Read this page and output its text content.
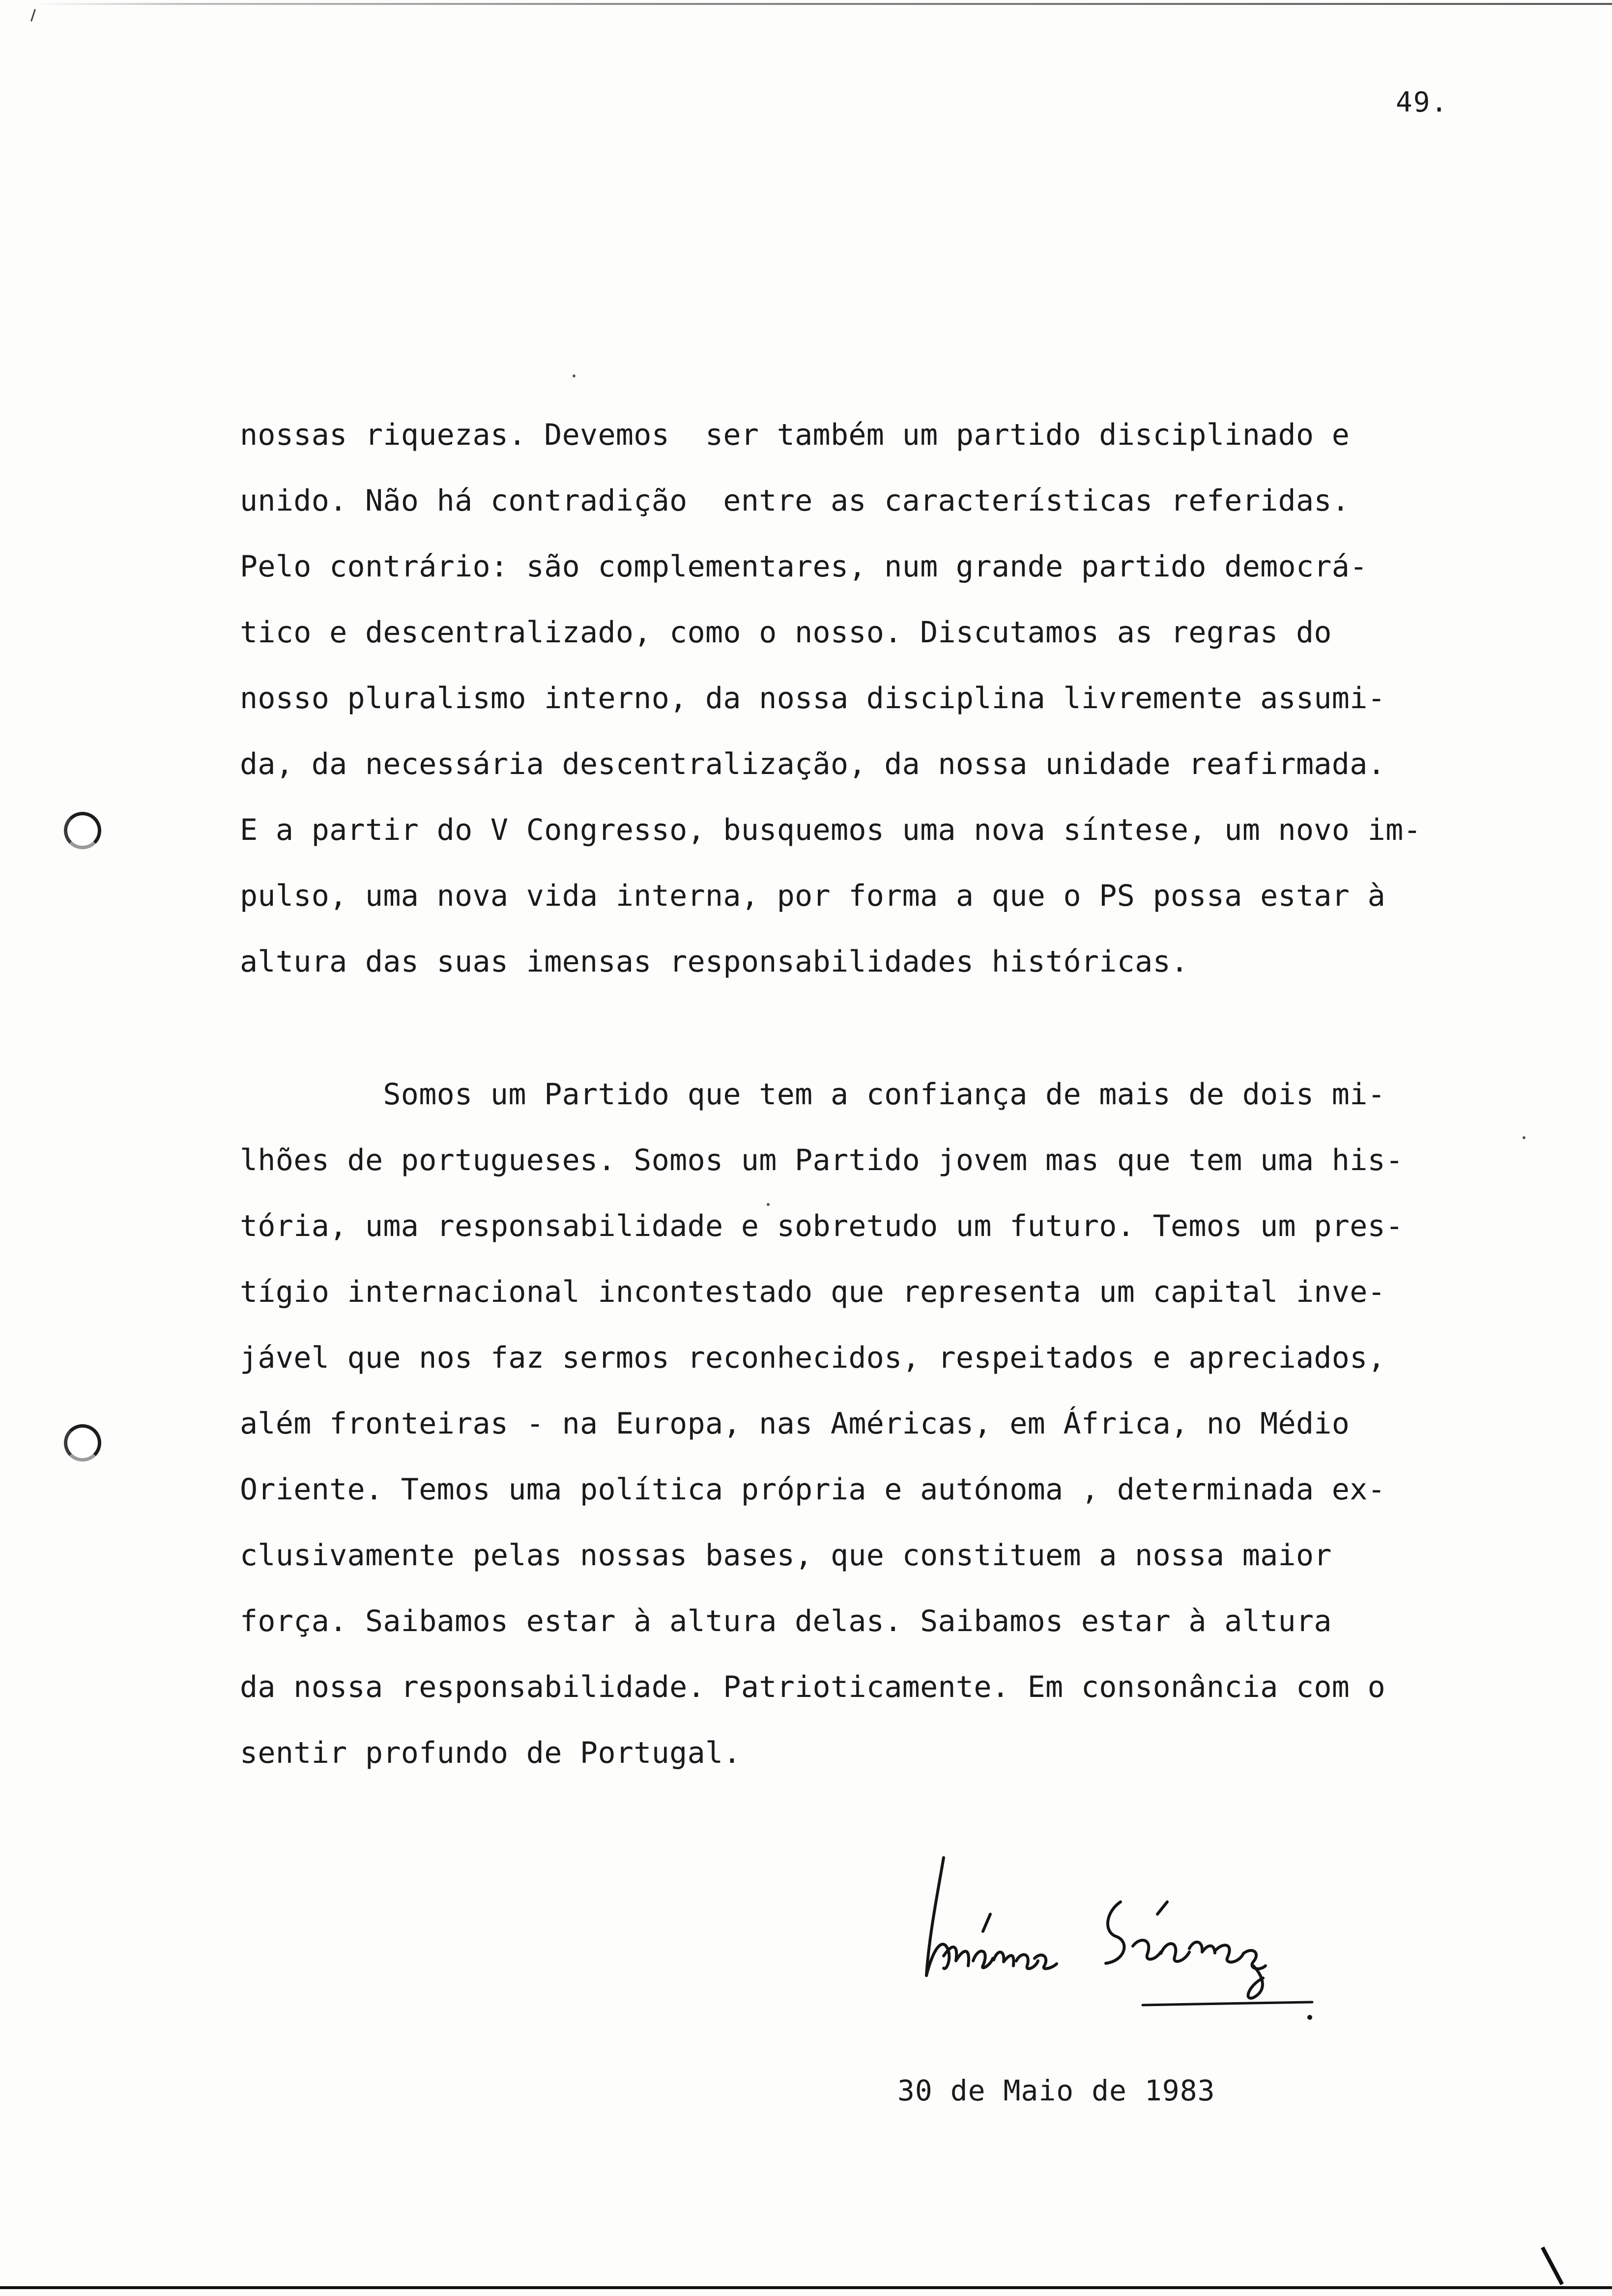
49.
nossas riquezas. Devemos  ser também um partido disciplinado e
unido. Não há contradição  entre as características referidas.
Pelo contrário: são complementares, num grande partido democrá-
tico e descentralizado, como o nosso. Discutamos as regras do
nosso pluralismo interno, da nossa disciplina livremente assumi-
da, da necessária descentralização, da nossa unidade reafirmada.
E a partir do V Congresso, busquemos uma nova síntese, um novo im-
pulso, uma nova vida interna, por forma a que o PS possa estar à
altura das suas imensas responsabilidades históricas.
Somos um Partido que tem a confiança de mais de dois mi-
lhões de portugueses. Somos um Partido jovem mas que tem uma his-
tória, uma responsabilidade e sobretudo um futuro. Temos um pres-
tígio internacional incontestado que representa um capital inve-
jável que nos faz sermos reconhecidos, respeitados e apreciados,
além fronteiras - na Europa, nas Américas, em África, no Médio
Oriente. Temos uma política própria e autónoma , determinada ex-
clusivamente pelas nossas bases, que constituem a nossa maior
força. Saibamos estar à altura delas. Saibamos estar à altura
da nossa responsabilidade. Patrioticamente. Em consonância com o
sentir profundo de Portugal.
30 de Maio de 1983
